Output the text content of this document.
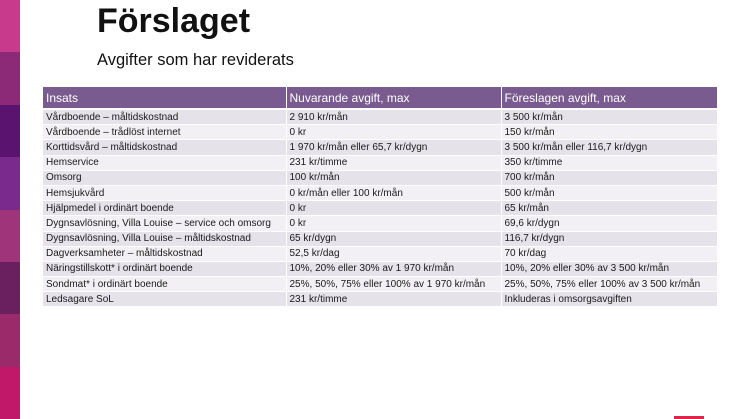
Förslaget

Avgifter som har reviderats

Insats	Nuvarande avgift, max	Föreslagen avgift, max
Vårdboende – måltidskostnad	2 910 kr/mån	3 500 kr/mån
Vårdboende – trådlöst internet	0 kr	150 kr/mån
Korttidsvård – måltidskostnad	1 970 kr/mån eller 65,7 kr/dygn	3 500 kr/mån eller 116,7 kr/dygn
Hemservice	231 kr/timme	350 kr/timme
Omsorg	100 kr/mån	700 kr/mån
Hemsjukvård	0 kr/mån eller 100 kr/mån	500 kr/mån
Hjälpmedel i ordinärt boende	0 kr	65 kr/mån
Dygnsavlösning, Villa Louise – service och omsorg	0 kr	69,6 kr/dygn
Dygnsavlösning, Villa Louise – måltidskostnad	65 kr/dygn	116,7 kr/dygn
Dagverksamheter – måltidskostnad	52,5 kr/dag	70 kr/dag
Näringstillskott* i ordinärt boende	10%, 20% eller 30% av 1 970 kr/mån	10%, 20% eller 30% av 3 500 kr/mån
Sondmat* i ordinärt boende	25%, 50%, 75% eller 100% av 1 970 kr/mån	25%, 50%, 75% eller 100% av 3 500 kr/mån
Ledsagare SoL	231 kr/timme	Inkluderas i omsorgsavgiften
